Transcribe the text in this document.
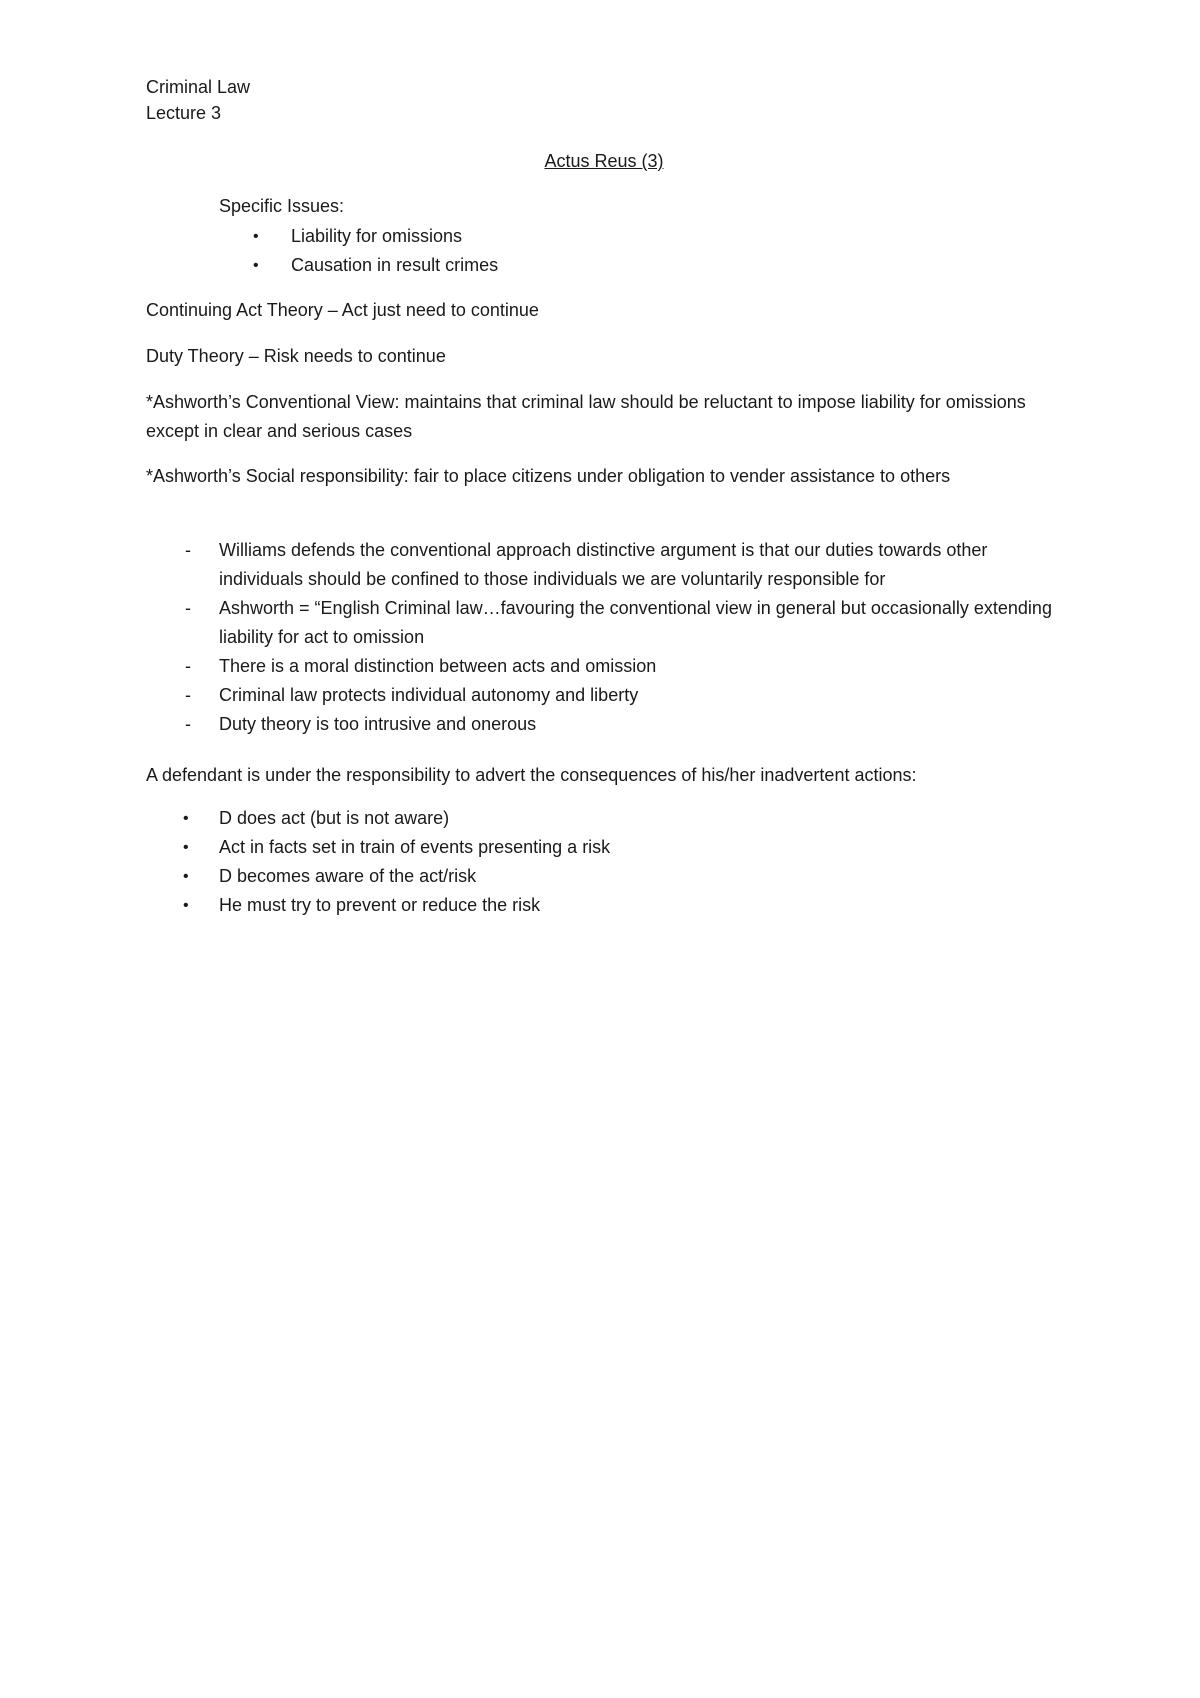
Criminal Law
Lecture 3
Actus Reus (3)
Specific Issues:
•	Liability for omissions
•	Causation in result crimes

Continuing Act Theory – Act just need to continue

Duty Theory – Risk needs to continue

*Ashworth’s Conventional View: maintains that criminal law should be reluctant to impose liability for omissions except in clear and serious cases

*Ashworth’s Social responsibility: fair to place citizens under obligation to vender assistance to others

-	Williams defends the conventional approach distinctive argument is that our duties towards other individuals should be confined to those individuals we are voluntarily responsible for
-	Ashworth = “English Criminal law…favouring the conventional view in general but occasionally extending liability for act to omission
-	There is a moral distinction between acts and omission
-	Criminal law protects individual autonomy and liberty
-	Duty theory is too intrusive and onerous

A defendant is under the responsibility to advert the consequences of his/her inadvertent actions:

•	D does act (but is not aware)
•	Act in facts set in train of events presenting a risk
•	D becomes aware of the act/risk
•	He must try to prevent or reduce the risk
